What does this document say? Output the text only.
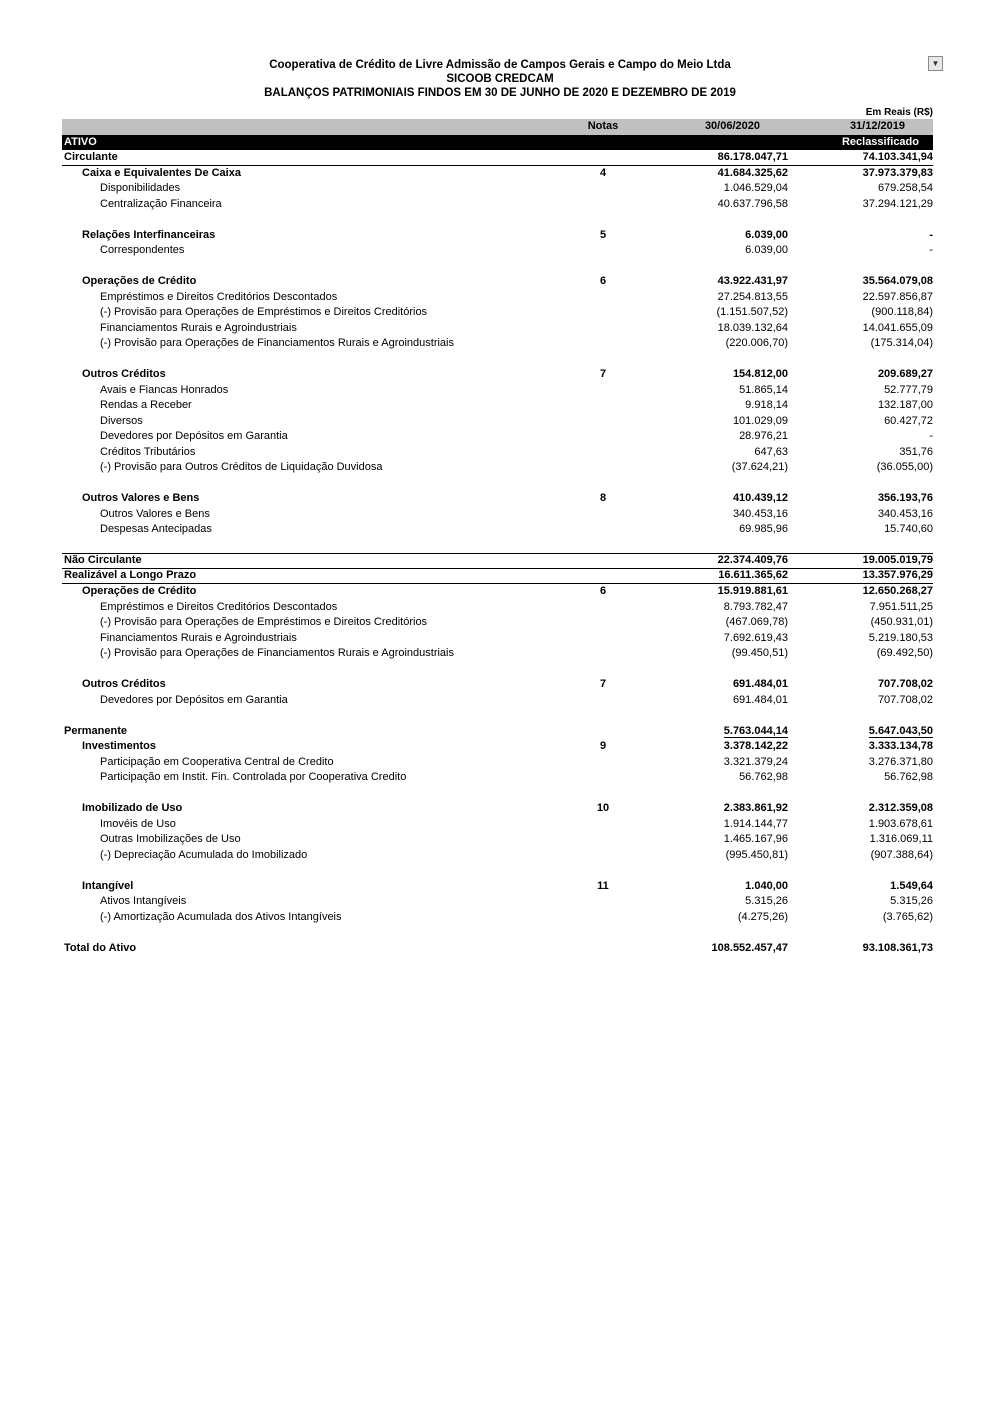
▼
Cooperativa de Crédito de Livre Admissão de Campos Gerais e Campo do Meio Ltda
SICOOB CREDCAM
BALANÇOS PATRIMONIAIS FINDOS EM 30 DE JUNHO DE 2020 E DEZEMBRO DE 2019
Em Reais (R$)
Notas	30/06/2020	31/12/2019
ATIVO	Reclassificado
Circulante	86.178.047,71	74.103.341,94
Caixa e Equivalentes De Caixa	4	41.684.325,62	37.973.379,83
Disponibilidades	1.046.529,04	679.258,54
Centralização Financeira	40.637.796,58	37.294.121,29
Relações Interfinanceiras	5	6.039,00	-
Correspondentes	6.039,00	-
Operações de Crédito	6	43.922.431,97	35.564.079,08
Empréstimos e Direitos Creditórios Descontados	27.254.813,55	22.597.856,87
(-) Provisão para Operações de Empréstimos e Direitos Creditórios	(1.151.507,52)	(900.118,84)
Financiamentos Rurais e Agroindustriais	18.039.132,64	14.041.655,09
(-) Provisão para Operações de Financiamentos Rurais e Agroindustriais	(220.006,70)	(175.314,04)
Outros Créditos	7	154.812,00	209.689,27
Avais e Fiancas Honrados	51.865,14	52.777,79
Rendas a Receber	9.918,14	132.187,00
Diversos	101.029,09	60.427,72
Devedores por Depósitos em Garantia	28.976,21	-
Créditos Tributários	647,63	351,76
(-) Provisão para Outros Créditos de Liquidação Duvidosa	(37.624,21)	(36.055,00)
Outros Valores e Bens	8	410.439,12	356.193,76
Outros Valores e Bens	340.453,16	340.453,16
Despesas Antecipadas	69.985,96	15.740,60
Não Circulante	22.374.409,76	19.005.019,79
Realizável a Longo Prazo	16.611.365,62	13.357.976,29
Operações de Crédito	6	15.919.881,61	12.650.268,27
Empréstimos e Direitos Creditórios Descontados	8.793.782,47	7.951.511,25
(-) Provisão para Operações de Empréstimos e Direitos Creditórios	(467.069,78)	(450.931,01)
Financiamentos Rurais e Agroindustriais	7.692.619,43	5.219.180,53
(-) Provisão para Operações de Financiamentos Rurais e Agroindustriais	(99.450,51)	(69.492,50)
Outros Créditos	7	691.484,01	707.708,02
Devedores por Depósitos em Garantia	691.484,01	707.708,02
Permanente	5.763.044,14	5.647.043,50
Investimentos	9	3.378.142,22	3.333.134,78
Participação em Cooperativa Central de Credito	3.321.379,24	3.276.371,80
Participação em Instit. Fin. Controlada por Cooperativa Credito	56.762,98	56.762,98
Imobilizado de Uso	10	2.383.861,92	2.312.359,08
Imovéis de Uso	1.914.144,77	1.903.678,61
Outras Imobilizações de Uso	1.465.167,96	1.316.069,11
(-) Depreciação Acumulada do Imobilizado	(995.450,81)	(907.388,64)
Intangível	11	1.040,00	1.549,64
Ativos Intangíveis	5.315,26	5.315,26
(-) Amortização Acumulada dos Ativos Intangíveis	(4.275,26)	(3.765,62)
Total do Ativo	108.552.457,47	93.108.361,73
